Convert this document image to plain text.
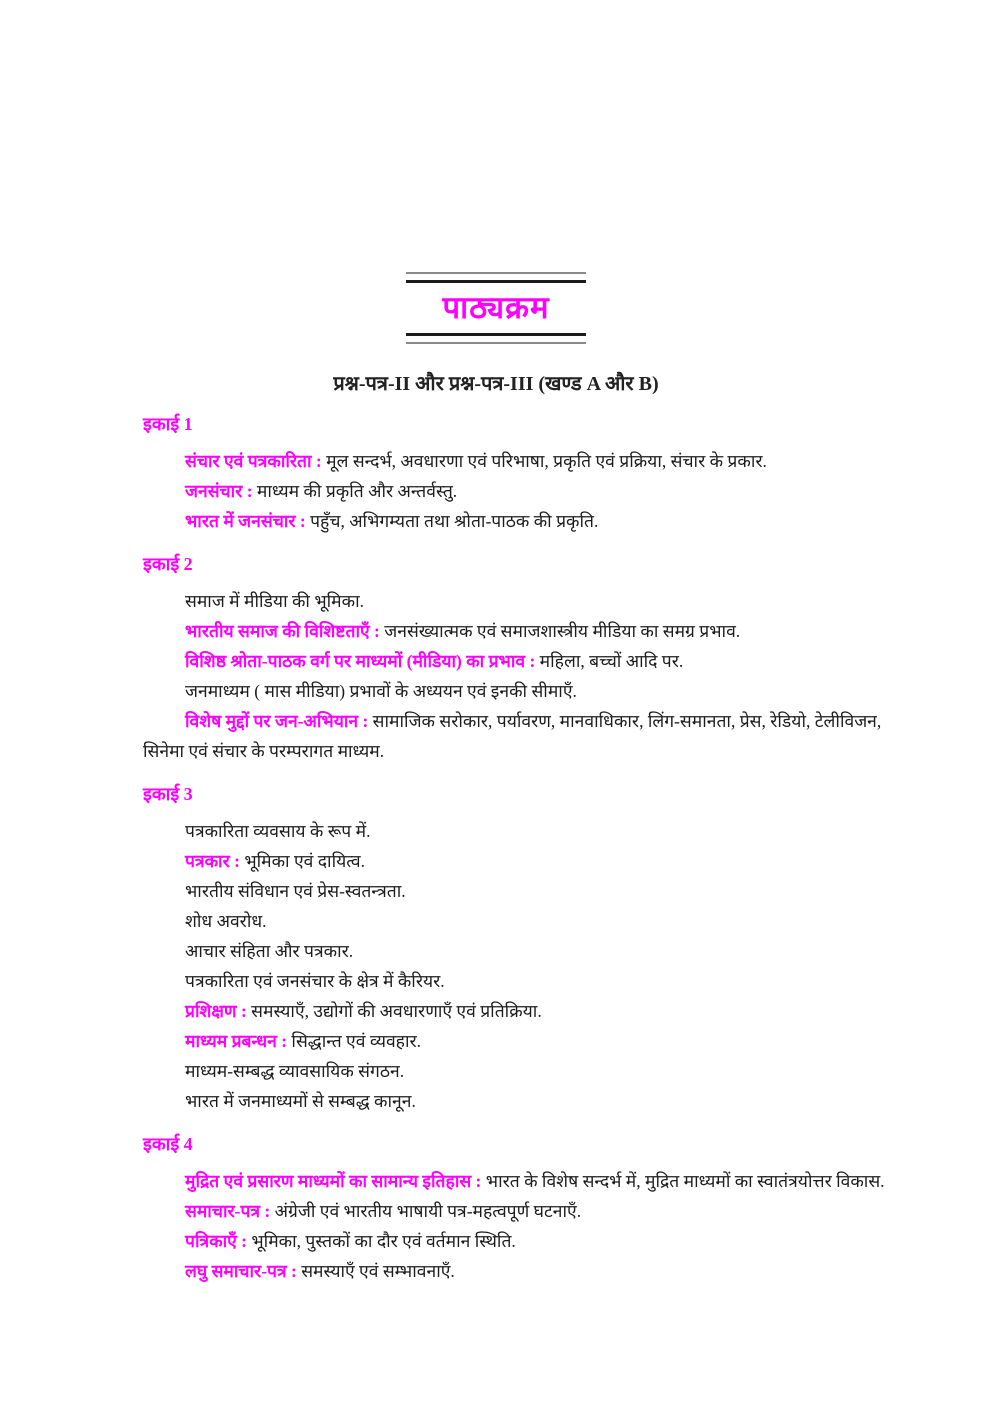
पाठ्यक्रम
प्रश्न-पत्र-II और प्रश्न-पत्र-III (खण्ड A और B)
इकाई 1

संचार एवं पत्रकारिता : मूल सन्दर्भ, अवधारणा एवं परिभाषा, प्रकृति एवं प्रक्रिया, संचार के प्रकार.

जनसंचार : माध्यम की प्रकृति और अन्तर्वस्तु.

भारत में जनसंचार : पहुँच, अभिगम्यता तथा श्रोता-पाठक की प्रकृति.

इकाई 2

समाज में मीडिया की भूमिका.

भारतीय समाज की विशिष्टताएँ : जनसंख्यात्मक एवं समाजशास्त्रीय मीडिया का समग्र प्रभाव.

विशिष्ठ श्रोता-पाठक वर्ग पर माध्यमों (मीडिया) का प्रभाव : महिला, बच्चों आदि पर.

जनमाध्यम ( मास मीडिया) प्रभावों के अध्ययन एवं इनकी सीमाएँ.

विशेष मुद्दों पर जन-अभियान : सामाजिक सरोकार, पर्यावरण, मानवाधिकार, लिंग-समानता, प्रेस, रेडियो, टेलीविजन, सिनेमा एवं संचार के परम्परागत माध्यम.

इकाई 3

पत्रकारिता व्यवसाय के रूप में.

पत्रकार : भूमिका एवं दायित्व.

भारतीय संविधान एवं प्रेस-स्वतन्त्रता.

शोध अवरोध.

आचार संहिता और पत्रकार.

पत्रकारिता एवं जनसंचार के क्षेत्र में कैरियर.

प्रशिक्षण : समस्याएँ, उद्योगों की अवधारणाएँ एवं प्रतिक्रिया.

माध्यम प्रबन्धन : सिद्धान्त एवं व्यवहार.

माध्यम-सम्बद्ध व्यावसायिक संगठन.

भारत में जनमाध्यमों से सम्बद्ध कानून.

इकाई 4

मुद्रित एवं प्रसारण माध्यमों का सामान्य इतिहास : भारत के विशेष सन्दर्भ में, मुद्रित माध्यमों का स्वातंत्रयोत्तर विकास.

समाचार-पत्र : अंग्रेजी एवं भारतीय भाषायी पत्र-महत्वपूर्ण घटनाएँ.

पत्रिकाएँ : भूमिका, पुस्तकों का दौर एवं वर्तमान स्थिति.

लघु समाचार-पत्र : समस्याएँ एवं सम्भावनाएँ.
